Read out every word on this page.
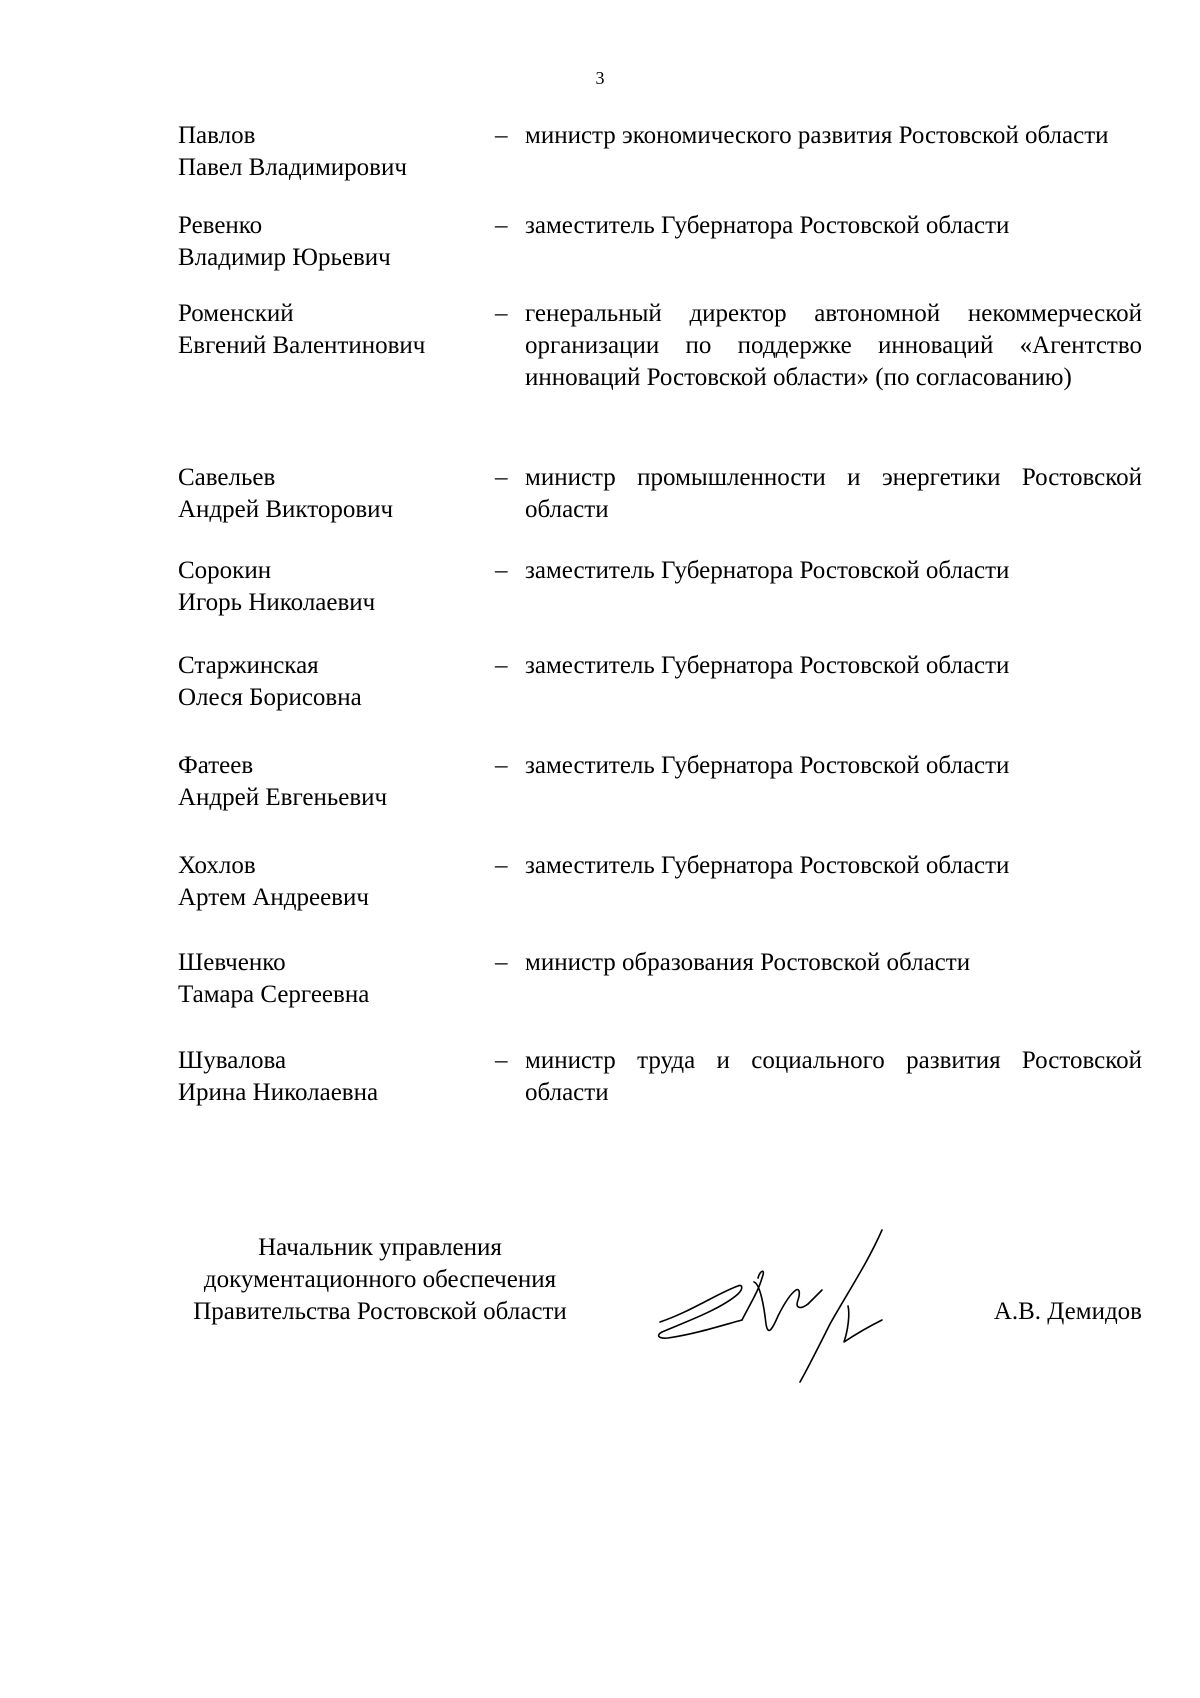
3
Павлов
Павел Владимирович
– министр экономического развития Ростовской области
Ревенко
Владимир Юрьевич
– заместитель Губернатора Ростовской области
Роменский
Евгений Валентинович
– генеральный директор автономной некоммерческой организации по поддержке инноваций «Агентство инноваций Ростовской области» (по согласованию)
Савельев
Андрей Викторович
– министр промышленности и энергетики Ростовской области
Сорокин
Игорь Николаевич
– заместитель Губернатора Ростовской области
Старжинская
Олеся Борисовна
– заместитель Губернатора Ростовской области
Фатеев
Андрей Евгеньевич
– заместитель Губернатора Ростовской области
Хохлов
Артем Андреевич
– заместитель Губернатора Ростовской области
Шевченко
Тамара Сергеевна
– министр образования Ростовской области
Шувалова
Ирина Николаевна
– министр труда и социального развития Ростовской области
Начальник управления
документационного обеспечения
Правительства Ростовской области	А.В. Демидов
